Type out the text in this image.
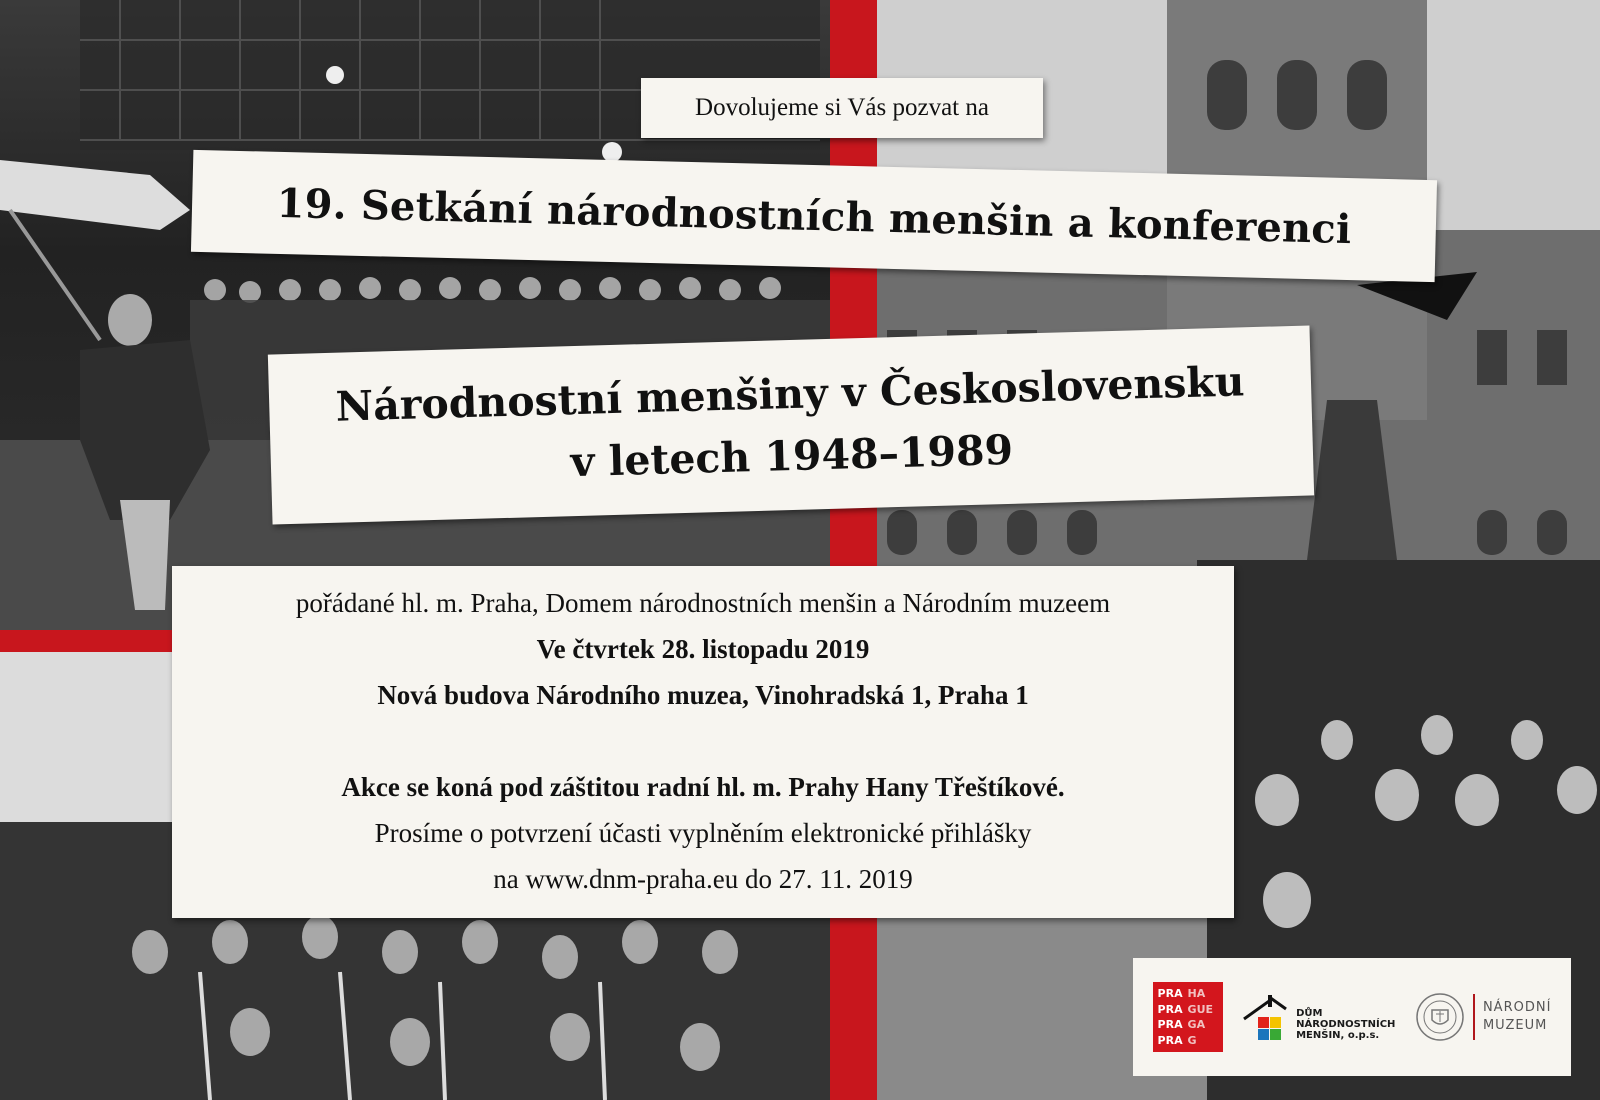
Dovolujeme si Vás pozvat na
19. Setkání národnostních menšin a konferenci
Národnostní menšiny v Československu
v letech 1948–1989
pořádané hl. m. Praha, Domem národnostních menšin a Národním muzeem
Ve čtvrtek 28. listopadu 2019
Nová budova Národního muzea, Vinohradská 1, Praha 1
Akce se koná pod záštitou radní hl. m. Prahy Hany Třeštíkové.
Prosíme o potvrzení účasti vyplněním elektronické přihlášky
na www.dnm-praha.eu do 27. 11. 2019
PRA HA
PRA GUE
PRA GA
PRA G
DŮM
NÁRODNOSTNÍCH
MENŠIN, o.p.s.
NÁRODNÍ
MUZEUM
